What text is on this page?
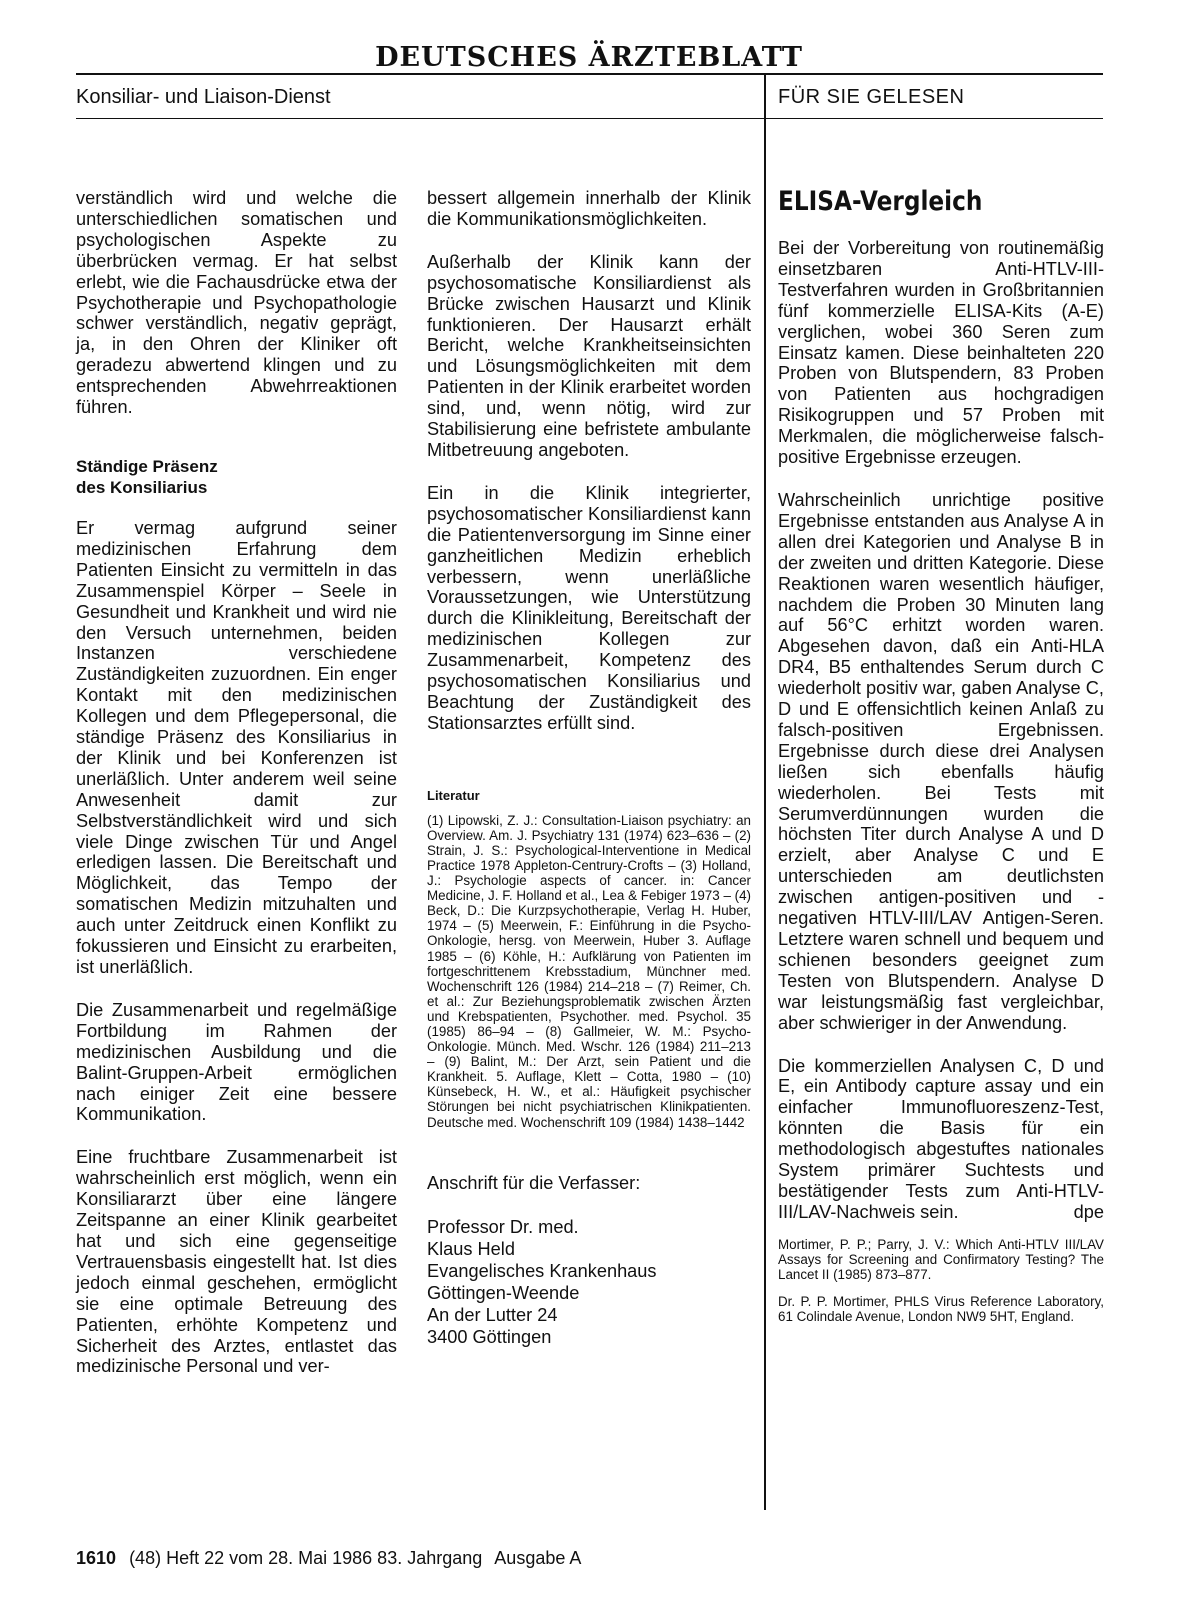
DEUTSCHES ÄRZTEBLATT
Konsiliar- und Liaison-Dienst	FÜR SIE GELESEN

verständlich wird und welche die unterschiedlichen somatischen und psychologischen Aspekte zu überbrücken vermag. Er hat selbst erlebt, wie die Fachausdrücke etwa der Psychotherapie und Psychopathologie schwer verständlich, negativ geprägt, ja, in den Ohren der Kliniker oft geradezu abwertend klingen und zu entsprechenden Abwehrreaktionen führen.

Ständige Präsenz
des Konsiliarius

Er vermag aufgrund seiner medizinischen Erfahrung dem Patienten Einsicht zu vermitteln in das Zusammenspiel Körper – Seele in Gesundheit und Krankheit und wird nie den Versuch unternehmen, beiden Instanzen verschiedene Zuständigkeiten zuzuordnen. Ein enger Kontakt mit den medizinischen Kollegen und dem Pflegepersonal, die ständige Präsenz des Konsiliarius in der Klinik und bei Konferenzen ist unerläßlich. Unter anderem weil seine Anwesenheit damit zur Selbstverständlichkeit wird und sich viele Dinge zwischen Tür und Angel erledigen lassen. Die Bereitschaft und Möglichkeit, das Tempo der somatischen Medizin mitzuhalten und auch unter Zeitdruck einen Konflikt zu fokussieren und Einsicht zu erarbeiten, ist unerläßlich.

Die Zusammenarbeit und regelmäßige Fortbildung im Rahmen der medizinischen Ausbildung und die Balint-Gruppen-Arbeit ermöglichen nach einiger Zeit eine bessere Kommunikation.

Eine fruchtbare Zusammenarbeit ist wahrscheinlich erst möglich, wenn ein Konsiliararzt über eine längere Zeitspanne an einer Klinik gearbeitet hat und sich eine gegenseitige Vertrauensbasis eingestellt hat. Ist dies jedoch einmal geschehen, ermöglicht sie eine optimale Betreuung des Patienten, erhöhte Kompetenz und Sicherheit des Arztes, entlastet das medizinische Personal und ver-

bessert allgemein innerhalb der Klinik die Kommunikationsmöglichkeiten.

Außerhalb der Klinik kann der psychosomatische Konsiliardienst als Brücke zwischen Hausarzt und Klinik funktionieren. Der Hausarzt erhält Bericht, welche Krankheitseinsichten und Lösungsmöglichkeiten mit dem Patienten in der Klinik erarbeitet worden sind, und, wenn nötig, wird zur Stabilisierung eine befristete ambulante Mitbetreuung angeboten.

Ein in die Klinik integrierter, psychosomatischer Konsiliardienst kann die Patientenversorgung im Sinne einer ganzheitlichen Medizin erheblich verbessern, wenn unerläßliche Voraussetzungen, wie Unterstützung durch die Klinikleitung, Bereitschaft der medizinischen Kollegen zur Zusammenarbeit, Kompetenz des psychosomatischen Konsiliarius und Beachtung der Zuständigkeit des Stationsarztes erfüllt sind.

Literatur
(1) Lipowski, Z. J.: Consultation-Liaison psychiatry: an Overview. Am. J. Psychiatry 131 (1974) 623–636 – (2) Strain, J. S.: Psychological-Interventione in Medical Practice 1978 Appleton-Centrury-Crofts – (3) Holland, J.: Psychologie aspects of cancer. in: Cancer Medicine, J. F. Holland et al., Lea & Febiger 1973 – (4) Beck, D.: Die Kurzpsychotherapie, Verlag H. Huber, 1974 – (5) Meerwein, F.: Einführung in die Psycho-Onkologie, hersg. von Meerwein, Huber 3. Auflage 1985 – (6) Köhle, H.: Aufklärung von Patienten im fortgeschrittenem Krebsstadium, Münchner med. Wochenschrift 126 (1984) 214–218 – (7) Reimer, Ch. et al.: Zur Beziehungsproblematik zwischen Ärzten und Krebspatienten, Psychother. med. Psychol. 35 (1985) 86–94 – (8) Gallmeier, W. M.: Psycho-Onkologie. Münch. Med. Wschr. 126 (1984) 211–213 – (9) Balint, M.: Der Arzt, sein Patient und die Krankheit. 5. Auflage, Klett – Cotta, 1980 – (10) Künsebeck, H. W., et al.: Häufigkeit psychischer Störungen bei nicht psychiatrischen Klinikpatienten. Deutsche med. Wochenschrift 109 (1984) 1438–1442
Anschrift für die Verfasser:
Professor Dr. med.
Klaus Held
Evangelisches Krankenhaus
Göttingen-Weende
An der Lutter 24
3400 Göttingen
ELISA-Vergleich

Bei der Vorbereitung von routinemäßig einsetzbaren Anti-HTLV-III-Testverfahren wurden in Großbritannien fünf kommerzielle ELISA-Kits (A-E) verglichen, wobei 360 Seren zum Einsatz kamen. Diese beinhalteten 220 Proben von Blutspendern, 83 Proben von Patienten aus hochgradigen Risikogruppen und 57 Proben mit Merkmalen, die möglicherweise falsch-positive Ergebnisse erzeugen.

Wahrscheinlich unrichtige positive Ergebnisse entstanden aus Analyse A in allen drei Kategorien und Analyse B in der zweiten und dritten Kategorie. Diese Reaktionen waren wesentlich häufiger, nachdem die Proben 30 Minuten lang auf 56°C erhitzt worden waren. Abgesehen davon, daß ein Anti-HLA DR4, B5 enthaltendes Serum durch C wiederholt positiv war, gaben Analyse C, D und E offensichtlich keinen Anlaß zu falsch-positiven Ergebnissen. Ergebnisse durch diese drei Analysen ließen sich ebenfalls häufig wiederholen. Bei Tests mit Serumverdünnungen wurden die höchsten Titer durch Analyse A und D erzielt, aber Analyse C und E unterschieden am deutlichsten zwischen antigen-positiven und -negativen HTLV-III/LAV Antigen-Seren. Letztere waren schnell und bequem und schienen besonders geeignet zum Testen von Blutspendern. Analyse D war leistungsmäßig fast vergleichbar, aber schwieriger in der Anwendung.

Die kommerziellen Analysen C, D und E, ein Antibody capture assay und ein einfacher Immunofluoreszenz-Test, könnten die Basis für ein methodologisch abgestuftes nationales System primärer Suchtests und bestätigender Tests zum Anti-HTLV-III/LAV-Nachweis sein.	dpe

Mortimer, P. P.; Parry, J. V.: Which Anti-HTLV III/LAV Assays for Screening and Confirmatory Testing? The Lancet II (1985) 873–877.
Dr. P. P. Mortimer, PHLS Virus Reference Laboratory, 61 Colindale Avenue, London NW9 5HT, England.
1610 (48) Heft 22 vom 28. Mai 1986 83. Jahrgang Ausgabe A
